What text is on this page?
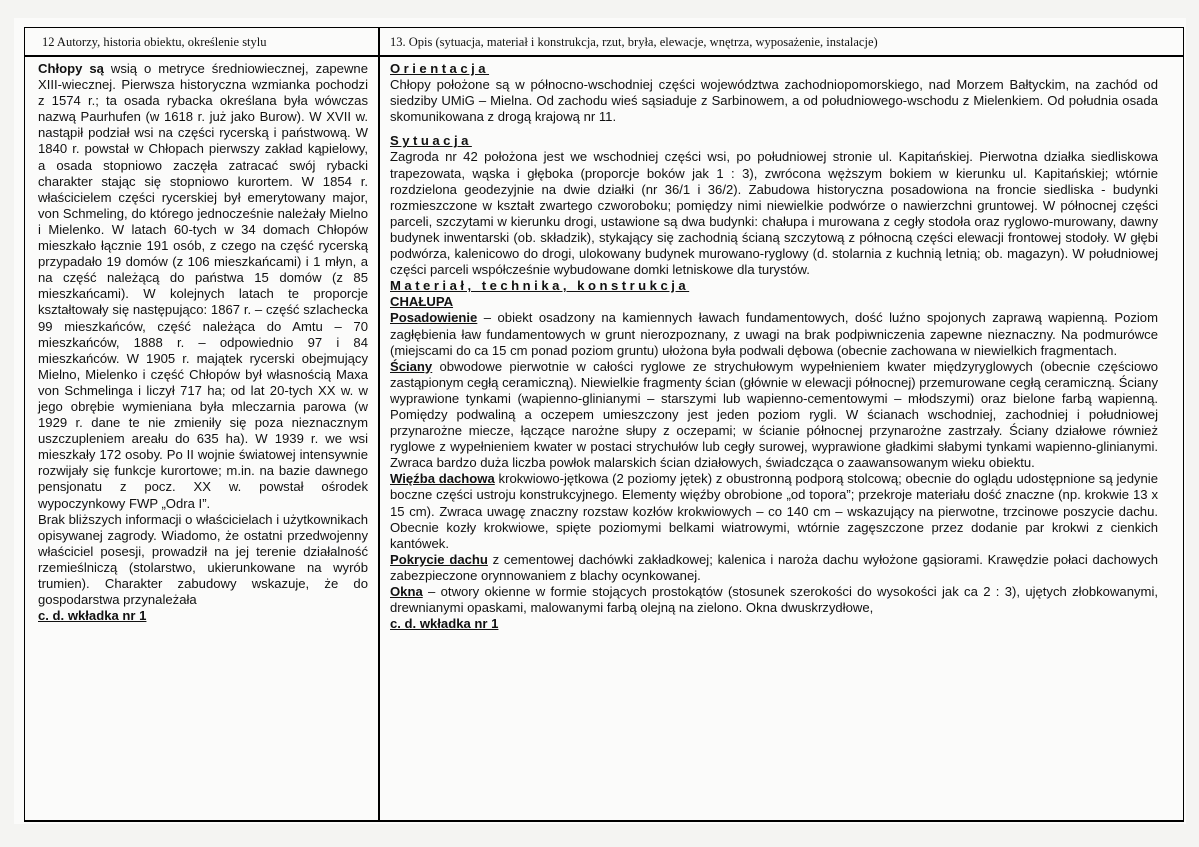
12 Autorzy, historia obiektu, określenie stylu	13. Opis (sytuacja, materiał i konstrukcja, rzut, bryła, elewacje, wnętrza, wyposażenie, instalacje)

Chłopy są wsią o metryce średniowiecznej, zapewne XIII-wiecznej. Pierwsza historyczna wzmianka pochodzi z 1574 r.; ta osada rybacka określana była wówczas nazwą Paurhufen (w 1618 r. już jako Burow). W XVII w. nastąpił podział wsi na części rycerską i państwową. W 1840 r. powstał w Chłopach pierwszy zakład kąpielowy, a osada stopniowo zaczęła zatracać swój rybacki charakter stając się stopniowo kurortem. W 1854 r. właścicielem części rycerskiej był emerytowany major, von Schmeling, do którego jednocześnie należały Mielno i Mielenko. W latach 60-tych w 34 domach Chłopów mieszkało łącznie 191 osób, z czego na część rycerską przypadało 19 domów (z 106 mieszkańcami) i 1 młyn, a na część należącą do państwa 15 domów (z 85 mieszkańcami). W kolejnych latach te proporcje kształtowały się następująco: 1867 r. – część szlachecka 99 mieszkańców, część należąca do Amtu – 70 mieszkańców, 1888 r. – odpowiednio 97 i 84 mieszkańców. W 1905 r. majątek rycerski obejmujący Mielno, Mielenko i część Chłopów był własnością Maxa von Schmelinga i liczył 717 ha; od lat 20-tych XX w. w jego obrębie wymieniana była mleczarnia parowa (w 1929 r. dane te nie zmieniły się poza nieznacznym uszczupleniem areału do 635 ha). W 1939 r. we wsi mieszkały 172 osoby. Po II wojnie światowej intensywnie rozwijały się funkcje kurortowe; m.in. na bazie dawnego pensjonatu z pocz. XX w. powstał ośrodek wypoczynkowy FWP „Odra I”.

Brak bliższych informacji o właścicielach i użytkownikach opisywanej zagrody. Wiadomo, że ostatni przedwojenny właściciel posesji, prowadził na jej terenie działalność rzemieślniczą (stolarstwo, ukierunkowane na wyrób trumien). Charakter zabudowy wskazuje, że do gospodarstwa przynależała

c. d. wkładka nr 1

Orientacja

Chłopy położone są w północno-wschodniej części województwa zachodniopomorskiego, nad Morzem Bałtyckim, na zachód od siedziby UMiG – Mielna. Od zachodu wieś sąsiaduje z Sarbinowem, a od południowego-wschodu z Mielenkiem. Od południa osada skomunikowana z drogą krajową nr 11.

Sytuacja

Zagroda nr 42 położona jest we wschodniej części wsi, po południowej stronie ul. Kapitańskiej. Pierwotna działka siedliskowa trapezowata, wąska i głęboka (proporcje boków jak 1 : 3), zwrócona węższym bokiem w kierunku ul. Kapitańskiej; wtórnie rozdzielona geodezyjnie na dwie działki (nr 36/1 i 36/2). Zabudowa historyczna posadowiona na froncie siedliska - budynki rozmieszczone w kształt zwartego czworoboku; pomiędzy nimi niewielkie podwórze o nawierzchni gruntowej. W północnej części parceli, szczytami w kierunku drogi, ustawione są dwa budynki: chałupa i murowana z cegły stodoła oraz ryglowo-murowany, dawny budynek inwentarski (ob. składzik), stykający się zachodnią ścianą szczytową z północną części elewacji frontowej stodoły. W głębi podwórza, kalenicowo do drogi, ulokowany budynek murowano-ryglowy (d. stolarnia z kuchnią letnią; ob. magazyn). W południowej części parceli współcześnie wybudowane domki letniskowe dla turystów.

Materiał, technika, konstrukcja

CHAŁUPA

Posadowienie – obiekt osadzony na kamiennych ławach fundamentowych, dość luźno spojonych zaprawą wapienną. Poziom zagłębienia ław fundamentowych w grunt nierozpoznany, z uwagi na brak podpiwniczenia zapewne nieznaczny. Na podmurówce (miejscami do ca 15 cm ponad poziom gruntu) ułożona była podwali dębowa (obecnie zachowana w niewielkich fragmentach.

Ściany obwodowe pierwotnie w całości ryglowe ze strychułowym wypełnieniem kwater międzyryglowych (obecnie częściowo zastąpionym cegłą ceramiczną). Niewielkie fragmenty ścian (głównie w elewacji północnej) przemurowane cegłą ceramiczną. Ściany wyprawione tynkami (wapienno-glinianymi – starszymi lub wapienno-cementowymi – młodszymi) oraz bielone farbą wapienną. Pomiędzy podwaliną a oczepem umieszczony jest jeden poziom rygli. W ścianach wschodniej, zachodniej i południowej przynarożne miecze, łączące narożne słupy z oczepami; w ścianie północnej przynarożne zastrzały. Ściany działowe również ryglowe z wypełnieniem kwater w postaci strychułów lub cegły surowej, wyprawione gładkimi słabymi tynkami wapienno-glinianymi. Zwraca bardzo duża liczba powłok malarskich ścian działowych, świadcząca o zaawansowanym wieku obiektu.

Więźba dachowa krokwiowo-jętkowa (2 poziomy jętek) z obustronną podporą stolcową; obecnie do oglądu udostępnione są jedynie boczne części ustroju konstrukcyjnego. Elementy więźby obrobione „od topora”; przekroje materiału dość znaczne (np. krokwie 13 x 15 cm). Zwraca uwagę znaczny rozstaw kozłów krokwiowych – co 140 cm – wskazujący na pierwotne, trzcinowe poszycie dachu. Obecnie kozły krokwiowe, spięte poziomymi belkami wiatrowymi, wtórnie zagęszczone przez dodanie par krokwi z cienkich kantówek.

Pokrycie dachu z cementowej dachówki zakładkowej; kalenica i naroża dachu wyłożone gąsiorami. Krawędzie połaci dachowych zabezpieczone orynnowaniem z blachy ocynkowanej.

Okna – otwory okienne w formie stojących prostokątów (stosunek szerokości do wysokości jak ca 2 : 3), ujętych złobkowanymi, drewnianymi opaskami, malowanymi farbą olejną na zielono. Okna dwuskrzydłowe,

c. d. wkładka nr 1
